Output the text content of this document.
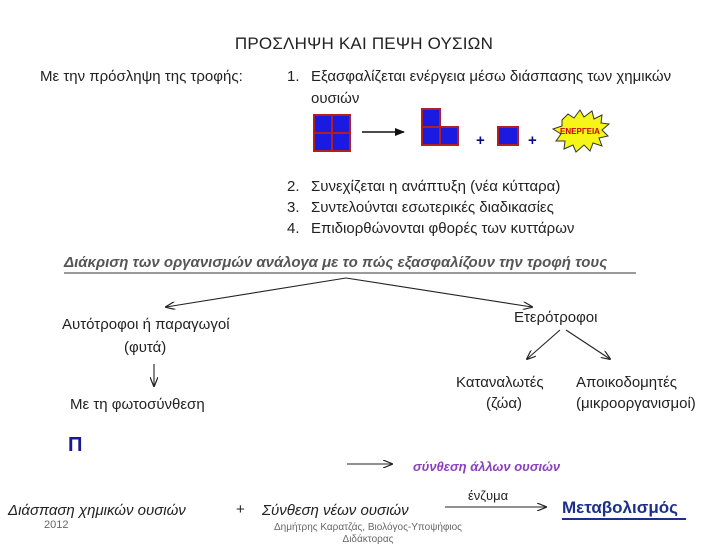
ΠΡΟΣΛΗΨΗ ΚΑΙ ΠΕΨΗ ΟΥΣΙΩΝ
Με την πρόσληψη της τροφής:	1. Εξασφαλίζεται ενέργεια μέσω διάσπασης των χημικών
ουσιών
2. Συνεχίζεται η ανάπτυξη (νέα κύτταρα)
3. Συντελούνται εσωτερικές διαδικασίες
4. Επιδιορθώνονται φθορές των κυττάρων
+	+
ΕΝΕΡΓΕΙΑ
Διάκριση των οργανισμών ανάλογα με το πώς εξασφαλίζουν την τροφή τους
Αυτότροφοι ή παραγωγοί
(φυτά)
Με τη φωτοσύνθεση
Ετερότροφοι
Καταναλωτές
(ζώα)
Αποικοδομητές
(μικροοργανισμοί)
Π
σύνθεση άλλων ουσιών
Διάσπαση χημικών ουσιών	+ Σύνθεση νέων ουσιών
ένζυμα
Μεταβολισμός
2012	Δημήτρης Καρατζάς, Βιολόγος-Υποψήφιος Διδάκτορας
